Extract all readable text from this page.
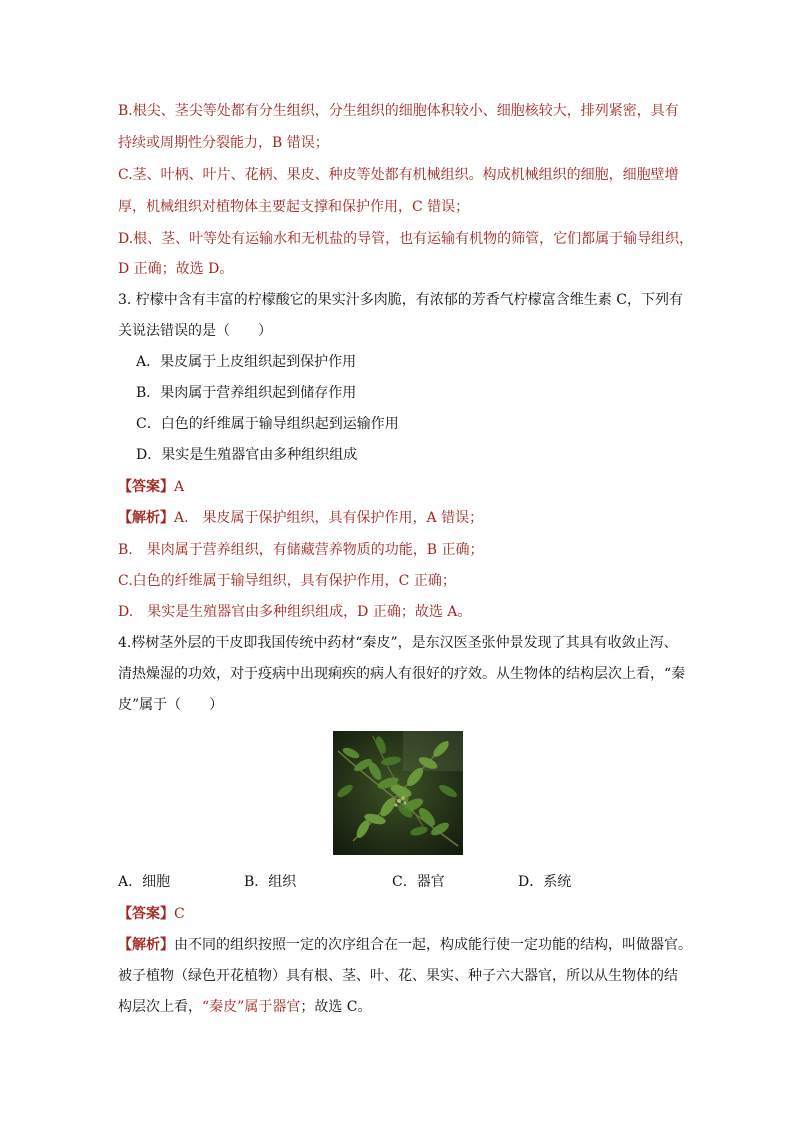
B.根尖、茎尖等处都有分生组织，分生组织的细胞体积较小、细胞核较大，排列紧密，具有
持续或周期性分裂能力，B 错误；
C.茎、叶柄、叶片、花柄、果皮、种皮等处都有机械组织。构成机械组织的细胞，细胞壁增
厚，机械组织对植物体主要起支撑和保护作用，C 错误；
D.根、茎、叶等处有运输水和无机盐的导管，也有运输有机物的筛管，它们都属于输导组织，
D 正确；故选 D。
3. 柠檬中含有丰富的柠檬酸它的果实汁多肉脆，有浓郁的芳香气柠檬富含维生素 C，下列有
关说法错误的是（　　）
A．果皮属于上皮组织起到保护作用
B．果肉属于营养组织起到储存作用
C．白色的纤维属于输导组织起到运输作用
D．果实是生殖器官由多种组织组成
【答案】A
【解析】A.　果皮属于保护组织，具有保护作用，A 错误；
B.　果肉属于营养组织，有储藏营养物质的功能，B 正确；
C.白色的纤维属于输导组织，具有保护作用，C 正确；
D.　果实是生殖器官由多种组织组成，D 正确；故选 A。
4.梣树茎外层的干皮即我国传统中药材“秦皮”，是东汉医圣张仲景发现了其具有收敛止泻、
清热燥湿的功效，对于疫病中出现痢疾的病人有很好的疗效。从生物体的结构层次上看，“秦
皮”属于（　　）
A．细胞	B．组织	C．器官	D．系统
【答案】C
【解析】由不同的组织按照一定的次序组合在一起，构成能行使一定功能的结构，叫做器官。
被子植物（绿色开花植物）具有根、茎、叶、花、果实、种子六大器官，所以从生物体的结
构层次上看，“秦皮”属于器官；故选 C。
